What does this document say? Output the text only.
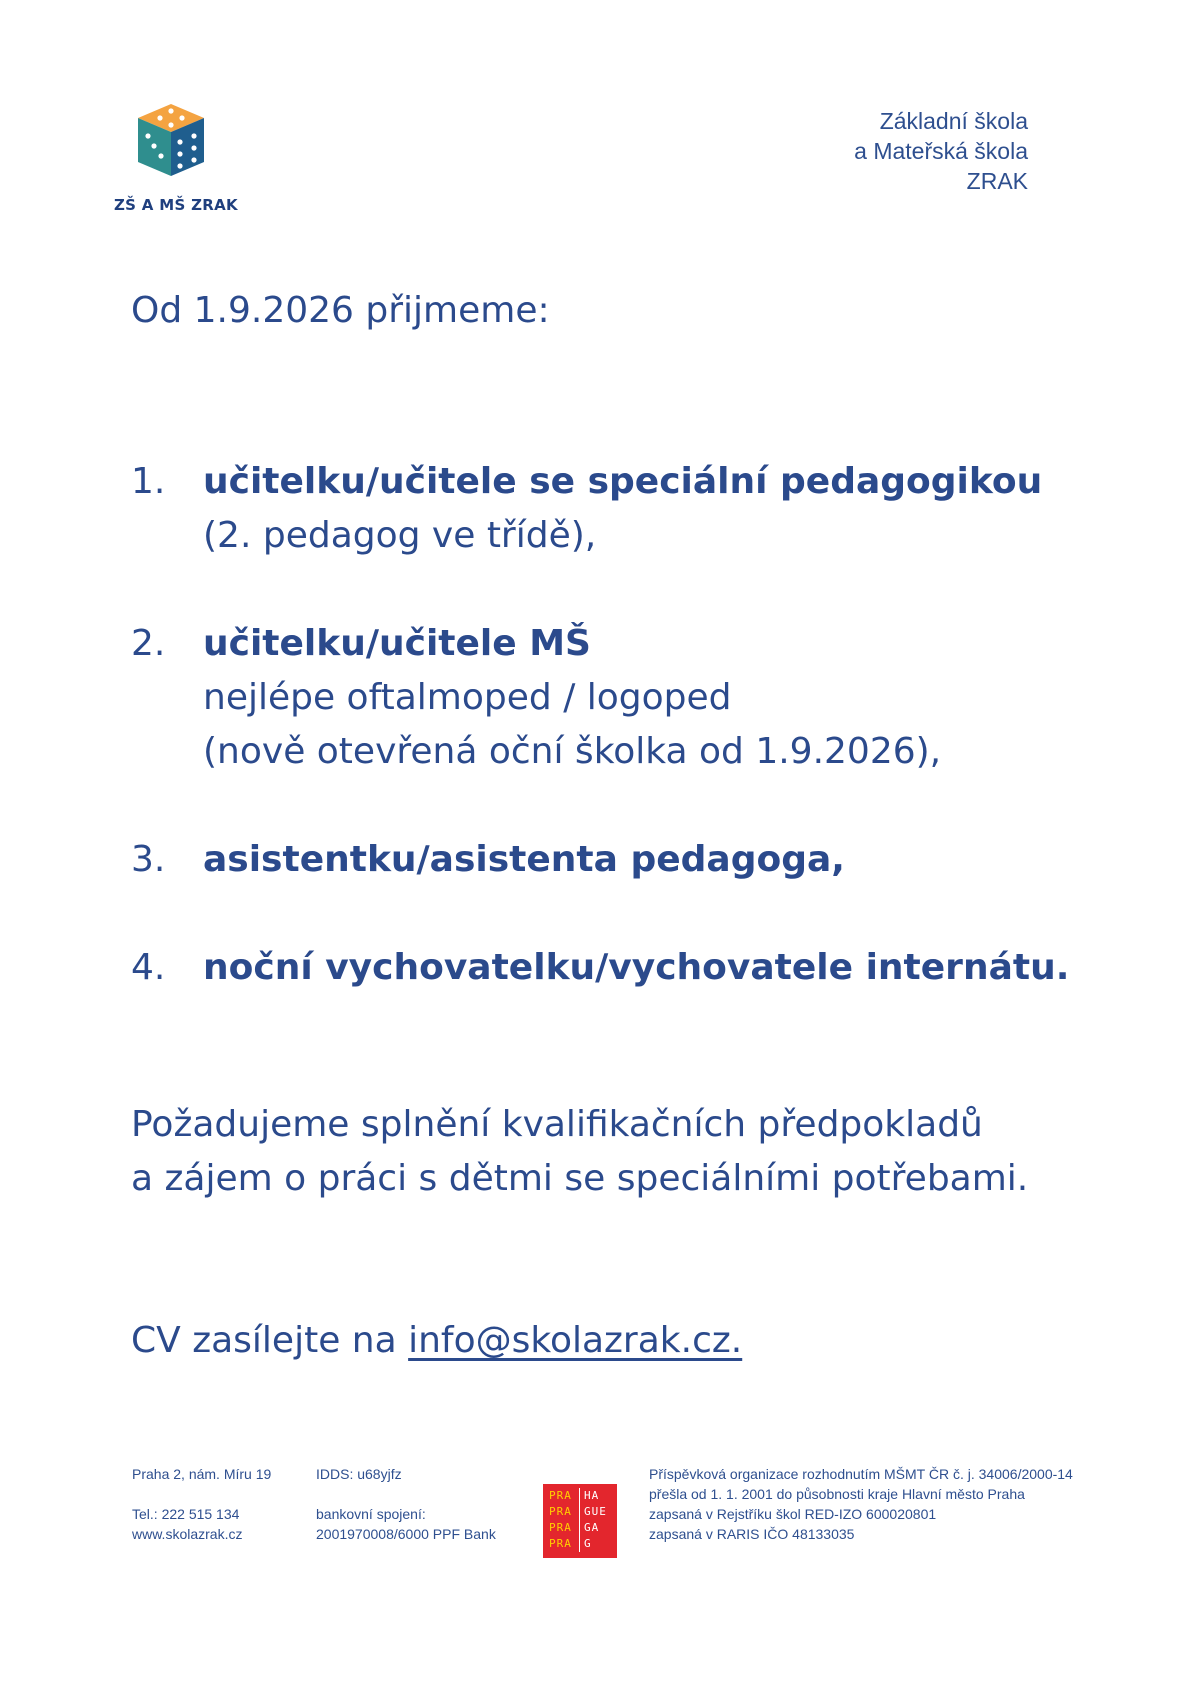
ZŠ A MŠ ZRAK
Základní škola
a Mateřská škola
ZRAK
Od 1.9.2026 přijmeme:
1. učitelku/učitele se speciální pedagogikou
(2. pedagog ve třídě),
2. učitelku/učitele MŠ
nejlépe oftalmoped / logoped
(nově otevřená oční školka od 1.9.2026),
3. asistentku/asistenta pedagoga,
4. noční vychovatelku/vychovatele internátu.
Požadujeme splnění kvalifikačních předpokladů
a zájem o práci s dětmi se speciálními potřebami.
CV zasílejte na info@skolazrak.cz.
Praha 2, nám. Míru 19
Tel.: 222 515 134
www.skolazrak.cz
IDDS: u68yjfz
bankovní spojení:
2001970008/6000 PPF Bank
PRA	HA
PRA	GUE
PRA	GA
PRA	G
Příspěvková organizace rozhodnutím MŠMT ČR č. j. 34006/2000-14
přešla od 1. 1. 2001 do působnosti kraje Hlavní město Praha
zapsaná v Rejstříku škol RED-IZO 600020801
zapsaná v RARIS IČO 48133035
